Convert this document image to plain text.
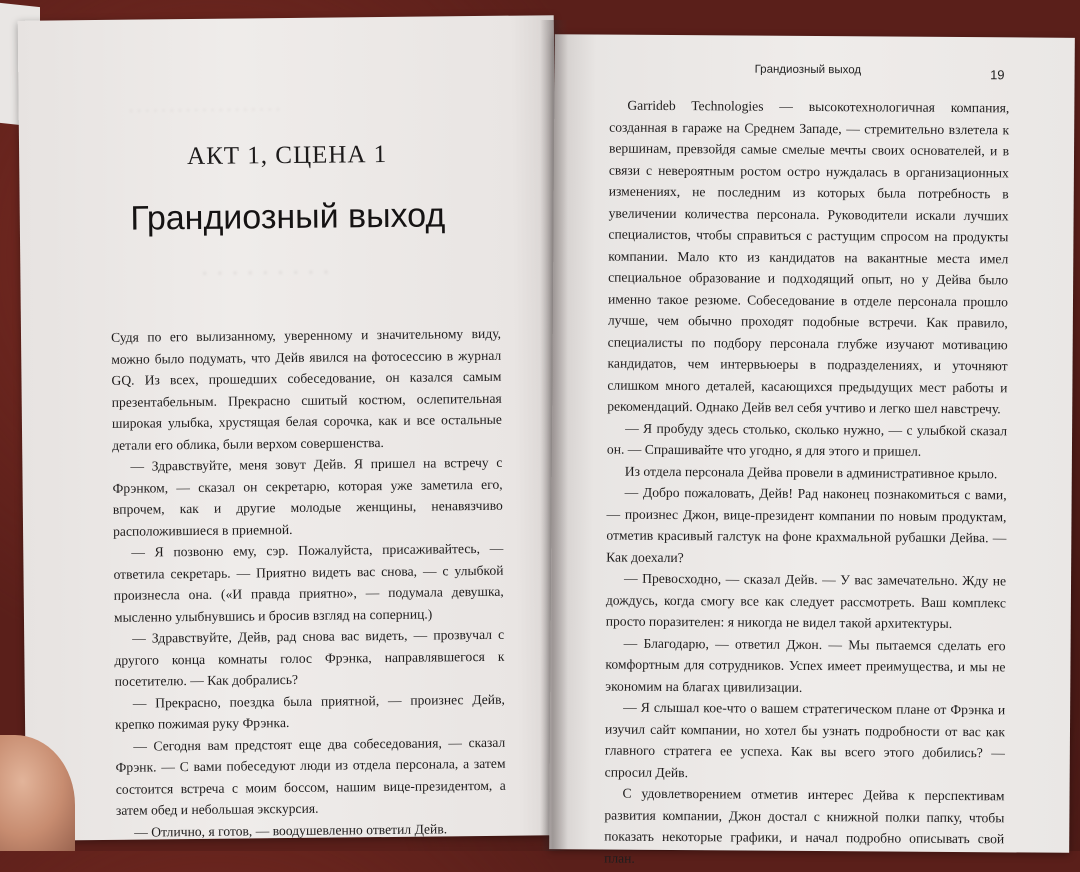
· · · · · · · · · · · · · · · · · · ·
· · · · · · · · ·
АКТ 1, СЦЕНА 1
Грандиозный выход

Судя по его вылизанному, уверенному и значительному виду, можно было подумать, что Дейв явился на фотосессию в журнал GQ. Из всех, прошедших собеседование, он казался самым презентабельным. Прекрасно сшитый костюм, ослепительная широкая улыбка, хрустящая белая сорочка, как и все остальные детали его облика, были верхом совершенства.

— Здравствуйте, меня зовут Дейв. Я пришел на встречу с Фрэнком, — сказал он секретарю, которая уже заметила его, впрочем, как и другие молодые женщины, ненавязчиво расположившиеся в приемной.

— Я позвоню ему, сэр. Пожалуйста, присаживайтесь, — ответила секретарь. — Приятно видеть вас снова, — с улыбкой произнесла она. («И правда приятно», — подумала девушка, мысленно улыбнувшись и бросив взгляд на соперниц.)

— Здравствуйте, Дейв, рад снова вас видеть, — прозвучал с другого конца комнаты голос Фрэнка, направлявшегося к посетителю. — Как добрались?

— Прекрасно, поездка была приятной, — произнес Дейв, крепко пожимая руку Фрэнка.

— Сегодня вам предстоят еще два собеседования, — сказал Фрэнк. — С вами побеседуют люди из отдела персонала, а затем состоится встреча с моим боссом, нашим вице-президентом, а затем обед и небольшая экскурсия.

— Отлично, я готов, — воодушевленно ответил Дейв.

Грандиозный выход	19

Garrideb Technologies — высокотехнологичная компания, созданная в гараже на Среднем Западе, — стремительно взлетела к вершинам, превзойдя самые смелые мечты своих основателей, и в связи с невероятным ростом остро нуждалась в организационных изменениях, не последним из которых была потребность в увеличении количества персонала. Руководители искали лучших специалистов, чтобы справиться с растущим спросом на продукты компании. Мало кто из кандидатов на вакантные места имел специальное образование и подходящий опыт, но у Дейва было именно такое резюме. Собеседование в отделе персонала прошло лучше, чем обычно проходят подобные встречи. Как правило, специалисты по подбору персонала глубже изучают мотивацию кандидатов, чем интервьюеры в подразделениях, и уточняют слишком много деталей, касающихся предыдущих мест работы и рекомендаций. Однако Дейв вел себя учтиво и легко шел навстречу.

— Я пробуду здесь столько, сколько нужно, — с улыбкой сказал он. — Спрашивайте что угодно, я для этого и пришел.

Из отдела персонала Дейва провели в административное крыло.

— Добро пожаловать, Дейв! Рад наконец познакомиться с вами, — произнес Джон, вице-президент компании по новым продуктам, отметив красивый галстук на фоне крахмальной рубашки Дейва. — Как доехали?

— Превосходно, — сказал Дейв. — У вас замечательно. Жду не дождусь, когда смогу все как следует рассмотреть. Ваш комплекс просто поразителен: я никогда не видел такой архитектуры.

— Благодарю, — ответил Джон. — Мы пытаемся сделать его комфортным для сотрудников. Успех имеет преимущества, и мы не экономим на благах цивилизации.

— Я слышал кое-что о вашем стратегическом плане от Фрэнка и изучил сайт компании, но хотел бы узнать подробности от вас как главного стратега ее успеха. Как вы всего этого добились? — спросил Дейв.

С удовлетворением отметив интерес Дейва к перспективам развития компании, Джон достал с книжной полки папку, чтобы показать некоторые графики, и начал подробно описывать свой план.
